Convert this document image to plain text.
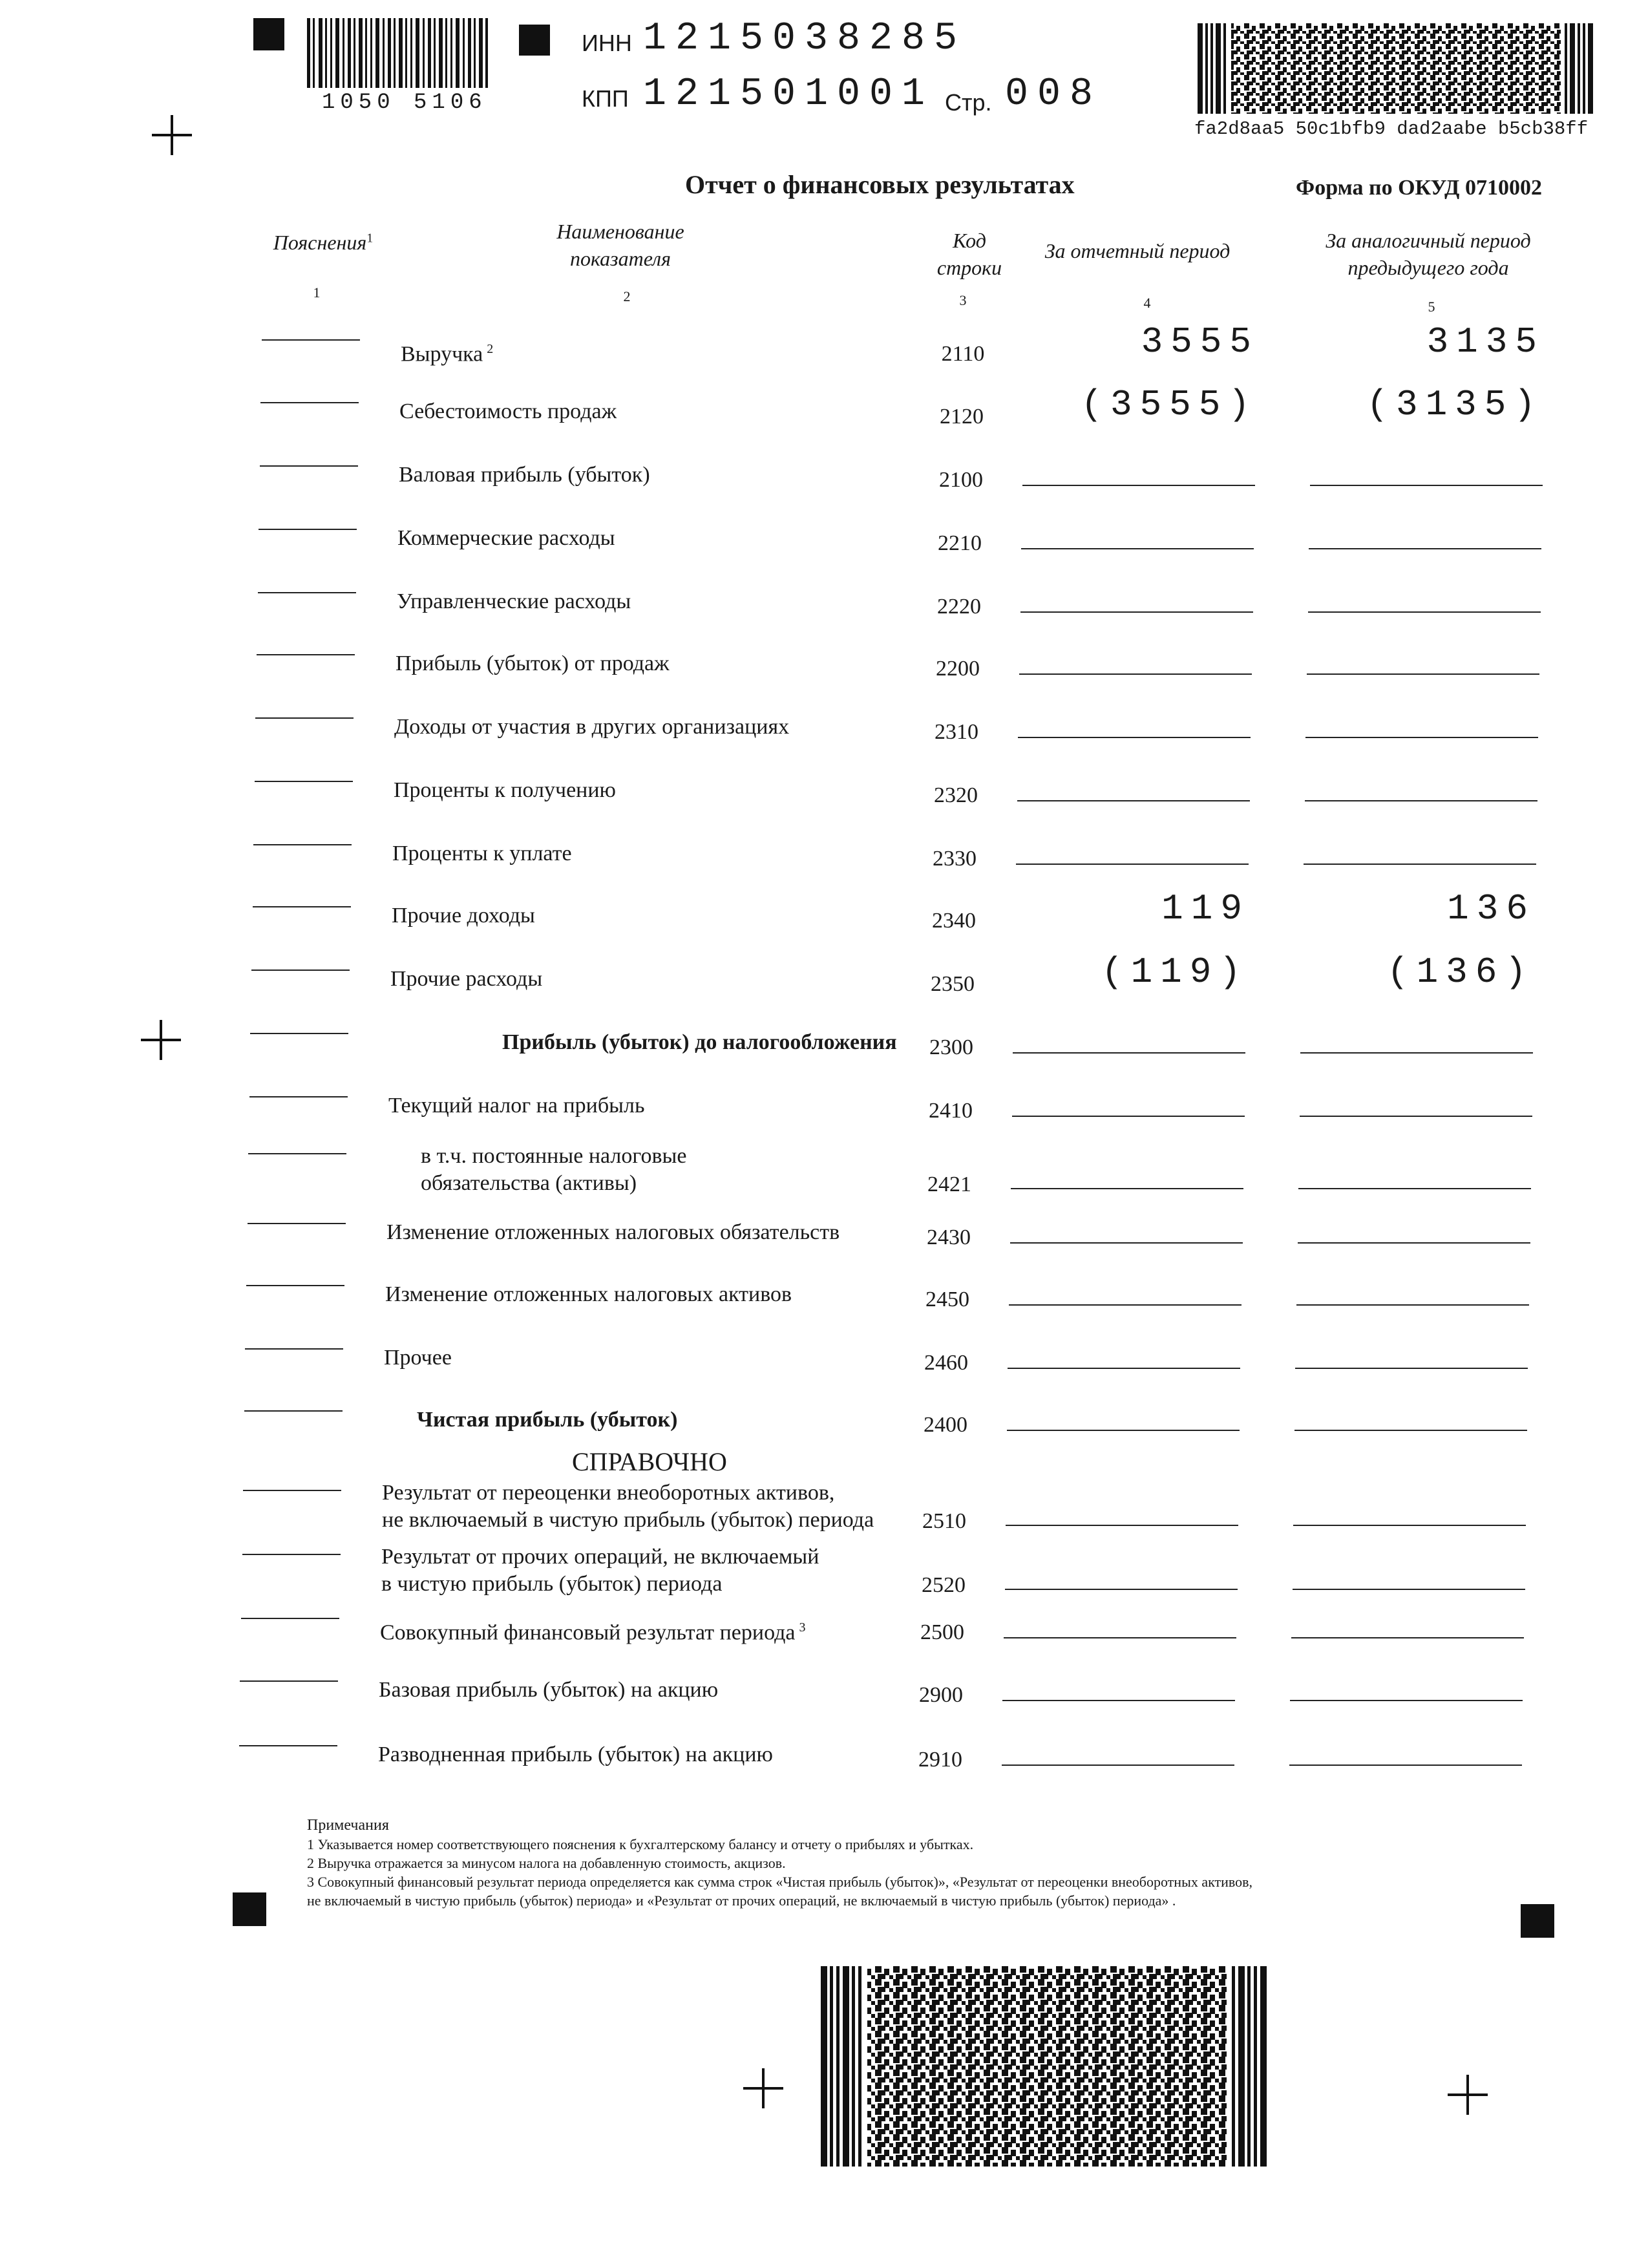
1050 5106
ИНН 1215038285
КПП 121501001 Стр. 008
fa2d8aa5 50c1bfb9 dad2aabe b5cb38ff
Отчет о финансовых результатах	Форма по ОКУД 0710002
Пояснения$^1$	Наименование
показателя
Код
строки
За отчетный период	За аналогичный период
предыдущего года
1	2	3	4	5
Выручка $^2$	2110	3555	3135
Себестоимость продаж	2120	(3555)	(3135)
Валовая прибыль (убыток)	2100
Коммерческие расходы	2210
Управленческие расходы	2220
Прибыль (убыток) от продаж	2200
Доходы от участия в других организациях	2310
Проценты к получению	2320
Проценты к уплате	2330
Прочие доходы	2340	119	136
Прочие расходы	2350	(119)	(136)
Прибыль (убыток) до налогообложения	2300
Текущий налог на прибыль	2410
в т.ч. постоянные налоговые
обязательства (активы)	2421
Изменение отложенных налоговых обязательств	2430
Изменение отложенных налоговых активов	2450
Прочее	2460
Чистая прибыль (убыток)	2400
Результат от переоценки внеоборотных активов,
не включаемый в чистую прибыль (убыток) периода	2510
Результат от прочих операций, не включаемый
в чистую прибыль (убыток) периода	2520
Совокупный финансовый результат периода $^3$	2500
Базовая прибыль (убыток) на акцию	2900
Разводненная прибыль (убыток) на акцию	2910
СПРАВОЧНО
Примечания
1 Указывается номер соответствующего пояснения к бухгалтерскому балансу и отчету о прибылях и убытках.
2 Выручка отражается за минусом налога на добавленную стоимость, акцизов.
3 Совокупный финансовый результат периода определяется как сумма строк «Чистая прибыль (убыток)», «Результат от переоценки внеоборотных активов,
не включаемый в чистую прибыль (убыток) периода» и «Результат от прочих операций, не включаемый в чистую прибыль (убыток) периода» .
